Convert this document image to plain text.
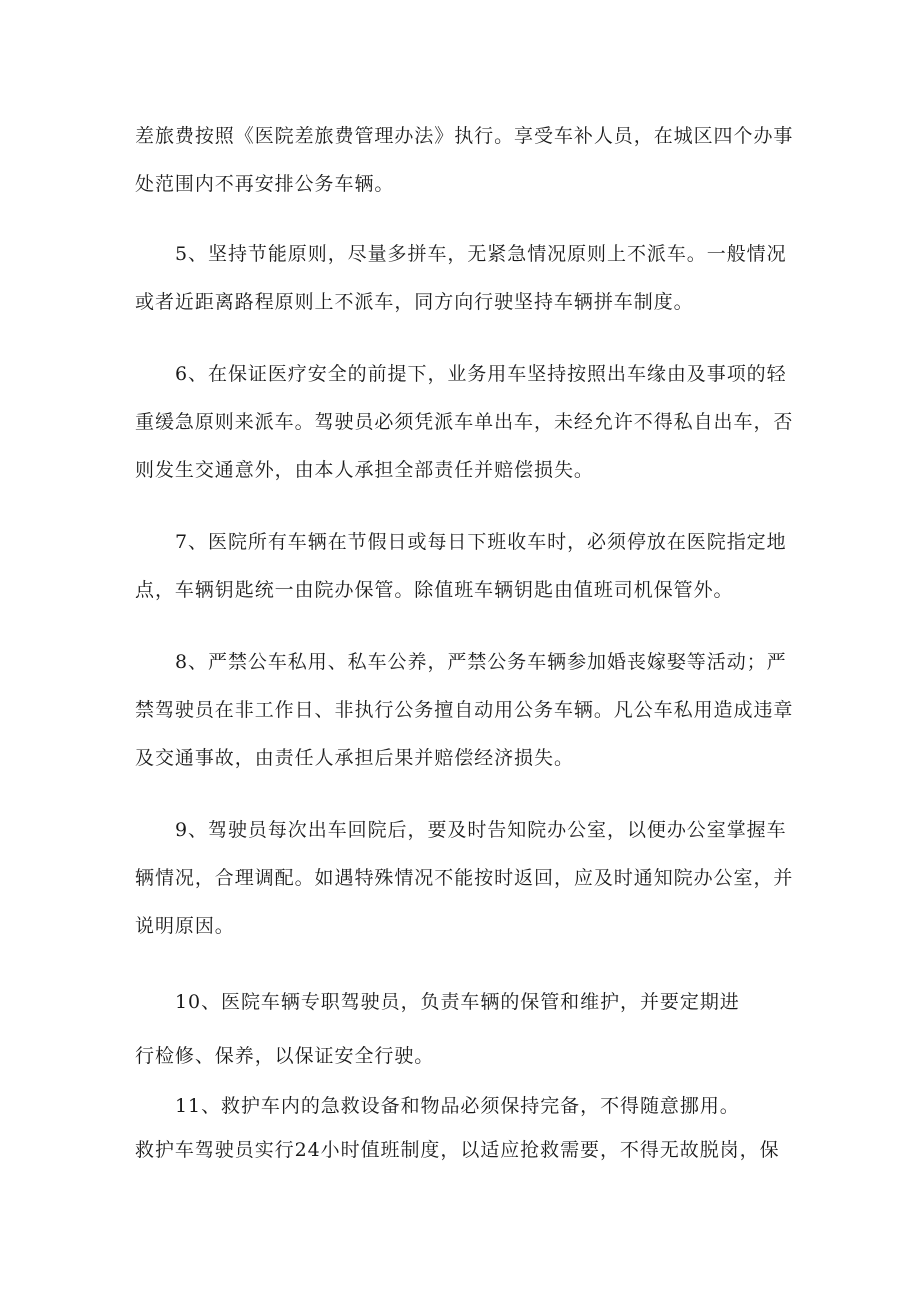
差旅费按照《医院差旅费管理办法》执行。享受车补人员，在城区四个办事
处范围内不再安排公务车辆。
5、坚持节能原则，尽量多拼车，无紧急情况原则上不派车。一般情况
或者近距离路程原则上不派车，同方向行驶坚持车辆拼车制度。
6、在保证医疗安全的前提下，业务用车坚持按照出车缘由及事项的轻
重缓急原则来派车。驾驶员必须凭派车单出车，未经允许不得私自出车，否
则发生交通意外，由本人承担全部责任并赔偿损失。
7、医院所有车辆在节假日或每日下班收车时，必须停放在医院指定地
点，车辆钥匙统一由院办保管。除值班车辆钥匙由值班司机保管外。
8、严禁公车私用、私车公养，严禁公务车辆参加婚丧嫁娶等活动；严
禁驾驶员在非工作日、非执行公务擅自动用公务车辆。凡公车私用造成违章
及交通事故，由责任人承担后果并赔偿经济损失。
9、驾驶员每次出车回院后，要及时告知院办公室，以便办公室掌握车
辆情况，合理调配。如遇特殊情况不能按时返回，应及时通知院办公室，并
说明原因。
10、医院车辆专职驾驶员，负责车辆的保管和维护，并要定期进
行检修、保养，以保证安全行驶。
11、救护车内的急救设备和物品必须保持完备，不得随意挪用。
救护车驾驶员实行24小时值班制度，以适应抢救需要，不得无故脱岗，保
